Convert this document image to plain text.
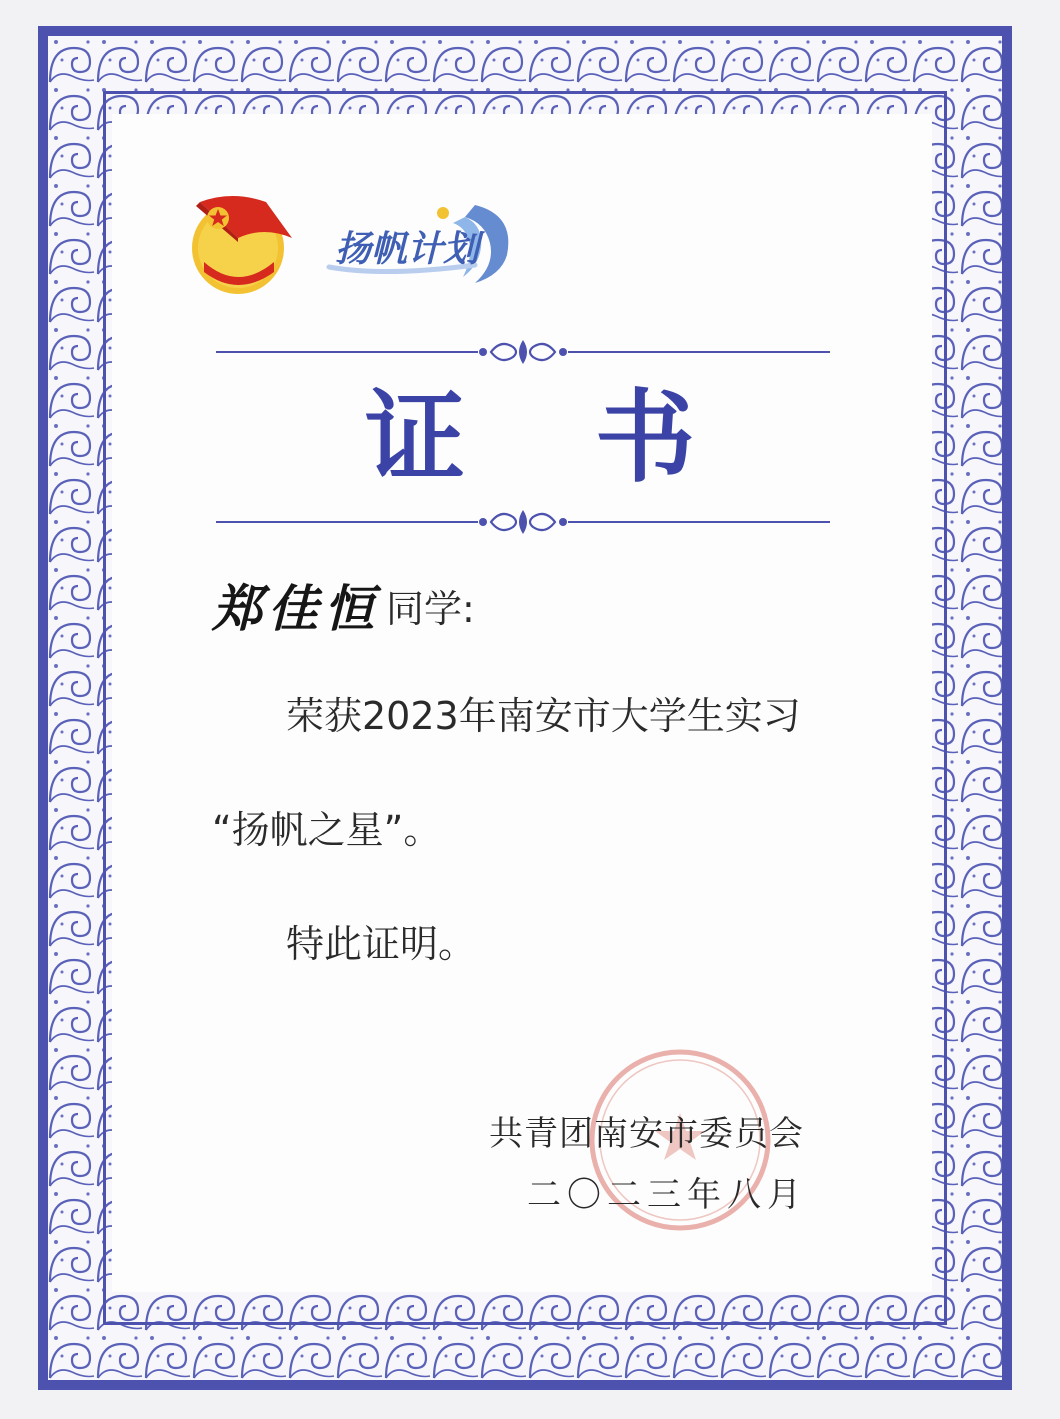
扬帆计划
证 书
郑佳恒 同学:
荣获2023年南安市大学生实习
“扬帆之星”。
特此证明。
共青团南安市委员会
二〇二三年八月
